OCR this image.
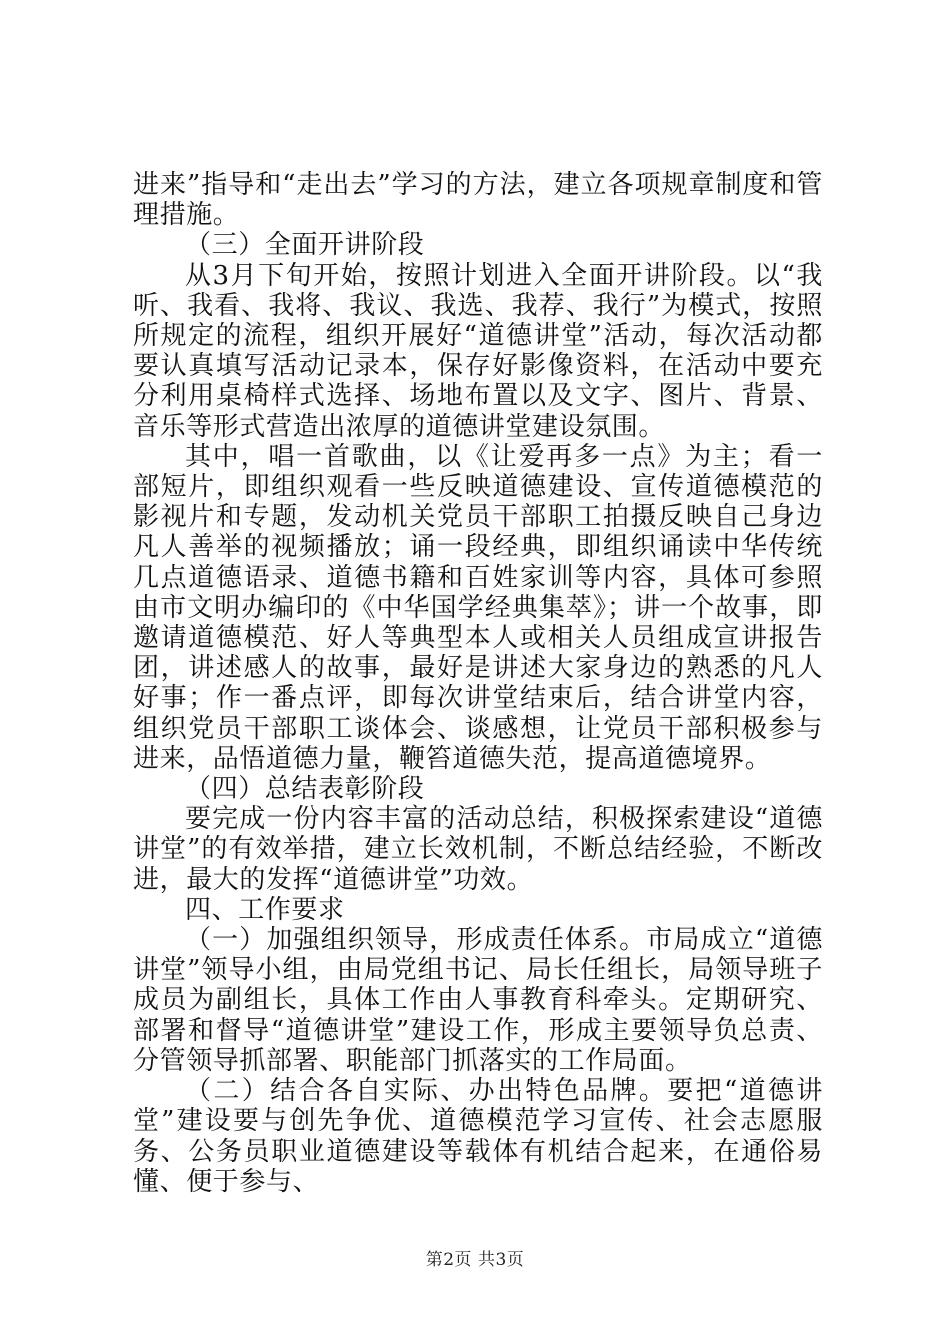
进来”指导和“走出去”学习的方法，建立各项规章制度和管理措施。

（三）全面开讲阶段

从3月下旬开始，按照计划进入全面开讲阶段。以“我听、我看、我将、我议、我选、我荐、我行”为模式，按照所规定的流程，组织开展好“道德讲堂”活动，每次活动都要认真填写活动记录本，保存好影像资料，在活动中要充分利用桌椅样式选择、场地布置以及文字、图片、背景、音乐等形式营造出浓厚的道德讲堂建设氛围。

其中，唱一首歌曲，以《让爱再多一点》为主；看一部短片，即组织观看一些反映道德建设、宣传道德模范的影视片和专题，发动机关党员干部职工拍摄反映自己身边凡人善举的视频播放；诵一段经典，即组织诵读中华传统几点道德语录、道德书籍和百姓家训等内容，具体可参照由市文明办编印的《中华国学经典集萃》；讲一个故事，即邀请道德模范、好人等典型本人或相关人员组成宣讲报告团，讲述感人的故事，最好是讲述大家身边的熟悉的凡人好事；作一番点评，即每次讲堂结束后，结合讲堂内容，组织党员干部职工谈体会、谈感想，让党员干部积极参与进来，品悟道德力量，鞭笞道德失范，提高道德境界。

（四）总结表彰阶段

要完成一份内容丰富的活动总结，积极探索建设“道德讲堂”的有效举措，建立长效机制，不断总结经验，不断改进，最大的发挥“道德讲堂”功效。

四、工作要求

（一）加强组织领导，形成责任体系。市局成立“道德讲堂”领导小组，由局党组书记、局长任组长，局领导班子成员为副组长，具体工作由人事教育科牵头。定期研究、部署和督导“道德讲堂”建设工作，形成主要领导负总责、分管领导抓部署、职能部门抓落实的工作局面。

（二）结合各自实际、办出特色品牌。要把“道德讲堂”建设要与创先争优、道德模范学习宣传、社会志愿服务、公务员职业道德建设等载体有机结合起来，在通俗易懂、便于参与、

第2页 共3页
